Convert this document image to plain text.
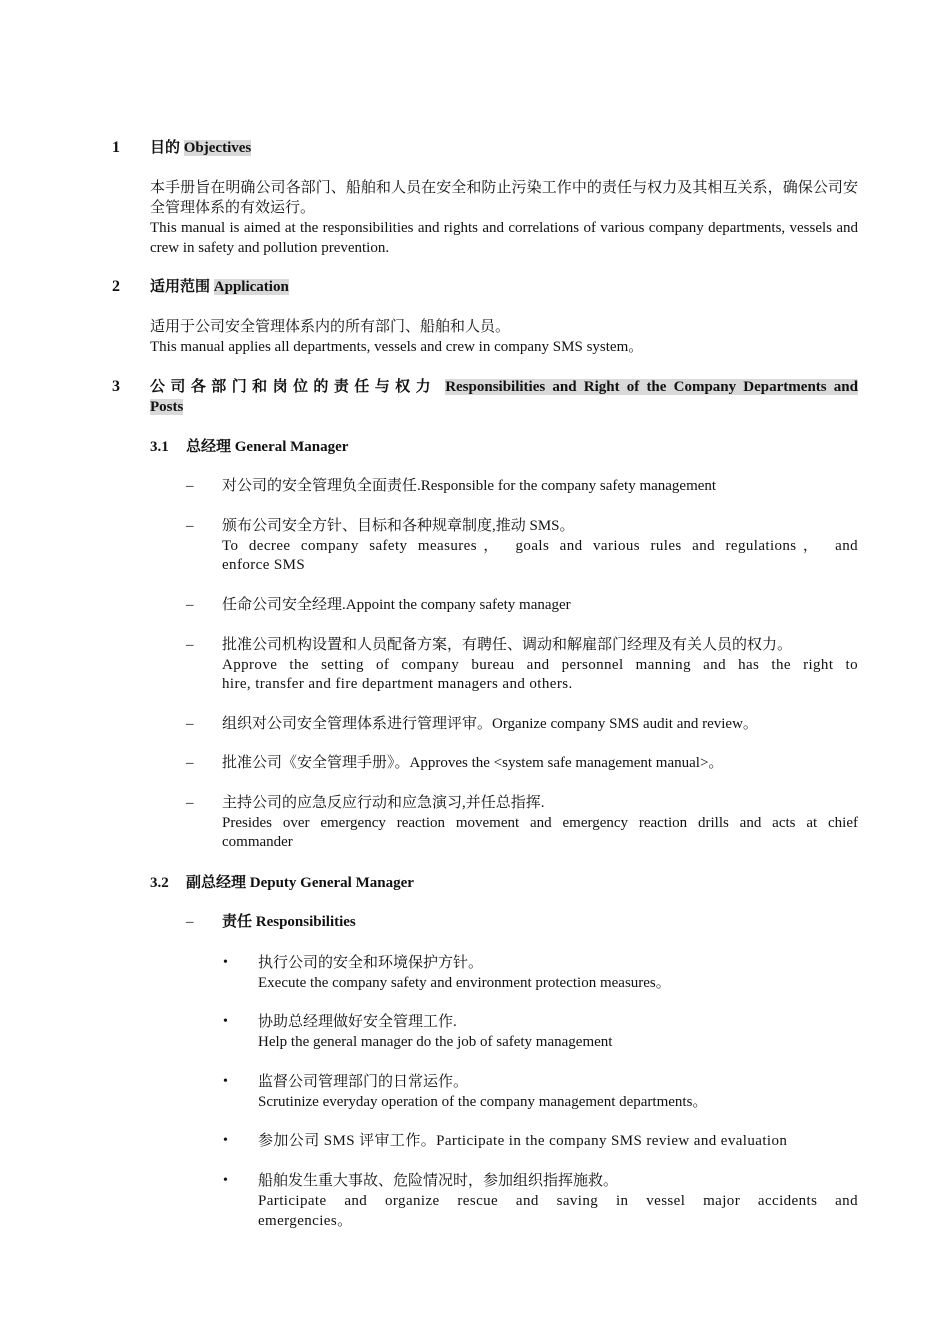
1	目的 Objectives
本手册旨在明确公司各部门、船舶和人员在安全和防止污染工作中的责任与权力及其相互关系，确保公司安全管理体系的有效运行。
This manual is aimed at the responsibilities and rights and correlations of various company departments, vessels and crew in safety and pollution prevention.
2	适用范围 Application
适用于公司安全管理体系内的所有部门、船舶和人员。
This manual applies all departments, vessels and crew in company SMS system。
3	公司各部门和岗位的责任与权力 Responsibilities and Right of the Company Departments and
Posts
3.1 总经理 General Manager
–	对公司的安全管理负全面责任.Responsible for the company safety management
–	颁布公司安全方针、目标和各种规章制度,推动 SMS。
To decree company safety measures， goals and various rules and regulations， and
enforce SMS
–	任命公司安全经理.Appoint the company safety manager
–	批准公司机构设置和人员配备方案，有聘任、调动和解雇部门经理及有关人员的权力。
Approve the setting of company bureau and personnel manning and has the right to
hire, transfer and fire department managers and others.
–	组织对公司安全管理体系进行管理评审。Organize company SMS audit and review。
–	批准公司《安全管理手册》。Approves the <system safe management manual>。
–	主持公司的应急反应行动和应急演习,并任总指挥.
Presides over emergency reaction movement and emergency reaction drills and acts at chief
commander
3.2 副总经理 Deputy General Manager
–	责任 Responsibilities
•	执行公司的安全和环境保护方针。
Execute the company safety and environment protection measures。
•	协助总经理做好安全管理工作.
Help the general manager do the job of safety management
•	监督公司管理部门的日常运作。
Scrutinize everyday operation of the company management departments。
•	参加公司 SMS 评审工作。Participate in the company SMS review and evaluation
•	船舶发生重大事故、危险情况时，参加组织指挥施救。
Participate and organize rescue and saving in vessel major accidents and
emergencies。
